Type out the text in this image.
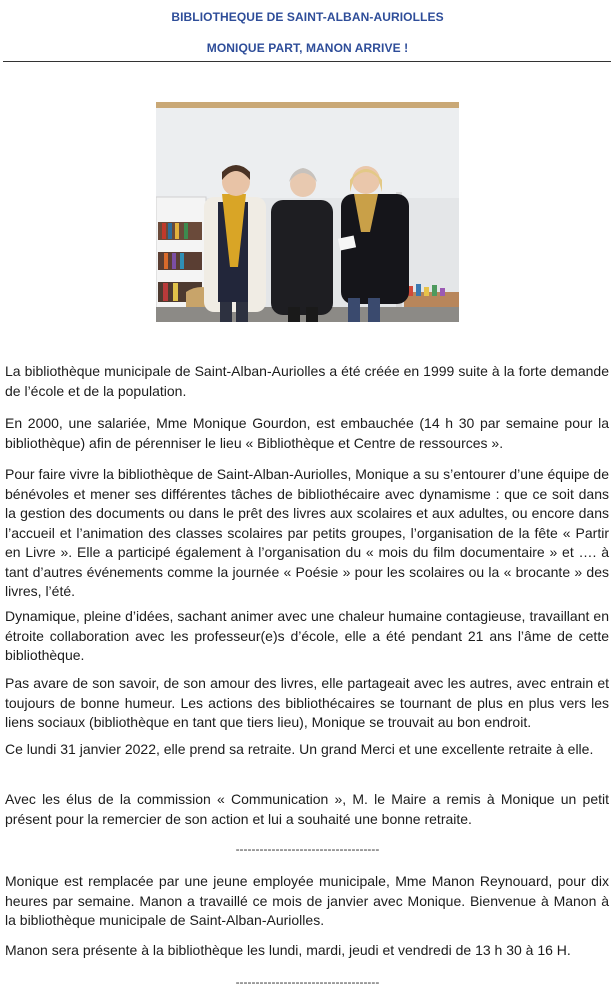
BIBLIOTHEQUE DE SAINT-ALBAN-AURIOLLES
MONIQUE PART, MANON ARRIVE !

La bibliothèque municipale de Saint-Alban-Auriolles a été créée en 1999 suite à la forte demande de l’école et de la population.

En 2000, une salariée, Mme Monique Gourdon, est embauchée (14 h 30 par semaine pour la bibliothèque) afin de pérenniser le lieu « Bibliothèque et Centre de ressources ».

Pour faire vivre la bibliothèque de Saint-Alban-Auriolles, Monique a su s’entourer d’une équipe de bénévoles et mener ses différentes tâches de bibliothécaire avec dynamisme : que ce soit dans la gestion des documents ou dans le prêt des livres aux scolaires et aux adultes, ou encore dans l’accueil et l’animation des classes scolaires par petits groupes, l’organisation de la fête « Partir en Livre ». Elle a participé également à l’organisation du « mois du film documentaire » et …. à tant d’autres événements comme la journée « Poésie » pour les scolaires ou la « brocante » des livres, l’été.

Dynamique, pleine d’idées, sachant animer avec une chaleur humaine contagieuse, travaillant en étroite collaboration avec les professeur(e)s d’école, elle a été pendant 21 ans l’âme de cette bibliothèque.

Pas avare de son savoir, de son amour des livres, elle partageait avec les autres, avec entrain et toujours de bonne humeur. Les actions des bibliothécaires se tournant de plus en plus vers les liens sociaux (bibliothèque en tant que tiers lieu), Monique se trouvait au bon endroit.

Ce lundi 31 janvier 2022, elle prend sa retraite. Un grand Merci et une excellente retraite à elle.

Avec les élus de la commission « Communication », M. le Maire a remis à Monique un petit présent pour la remercier de son action et lui a souhaité une bonne retraite.

------------------------------------

Monique est remplacée par une jeune employée municipale, Mme Manon Reynouard, pour dix heures par semaine. Manon a travaillé ce mois de janvier avec Monique. Bienvenue à Manon à la bibliothèque municipale de Saint-Alban-Auriolles.

Manon sera présente à la bibliothèque les lundi, mardi, jeudi et vendredi de 13 h 30 à 16 H.

------------------------------------
